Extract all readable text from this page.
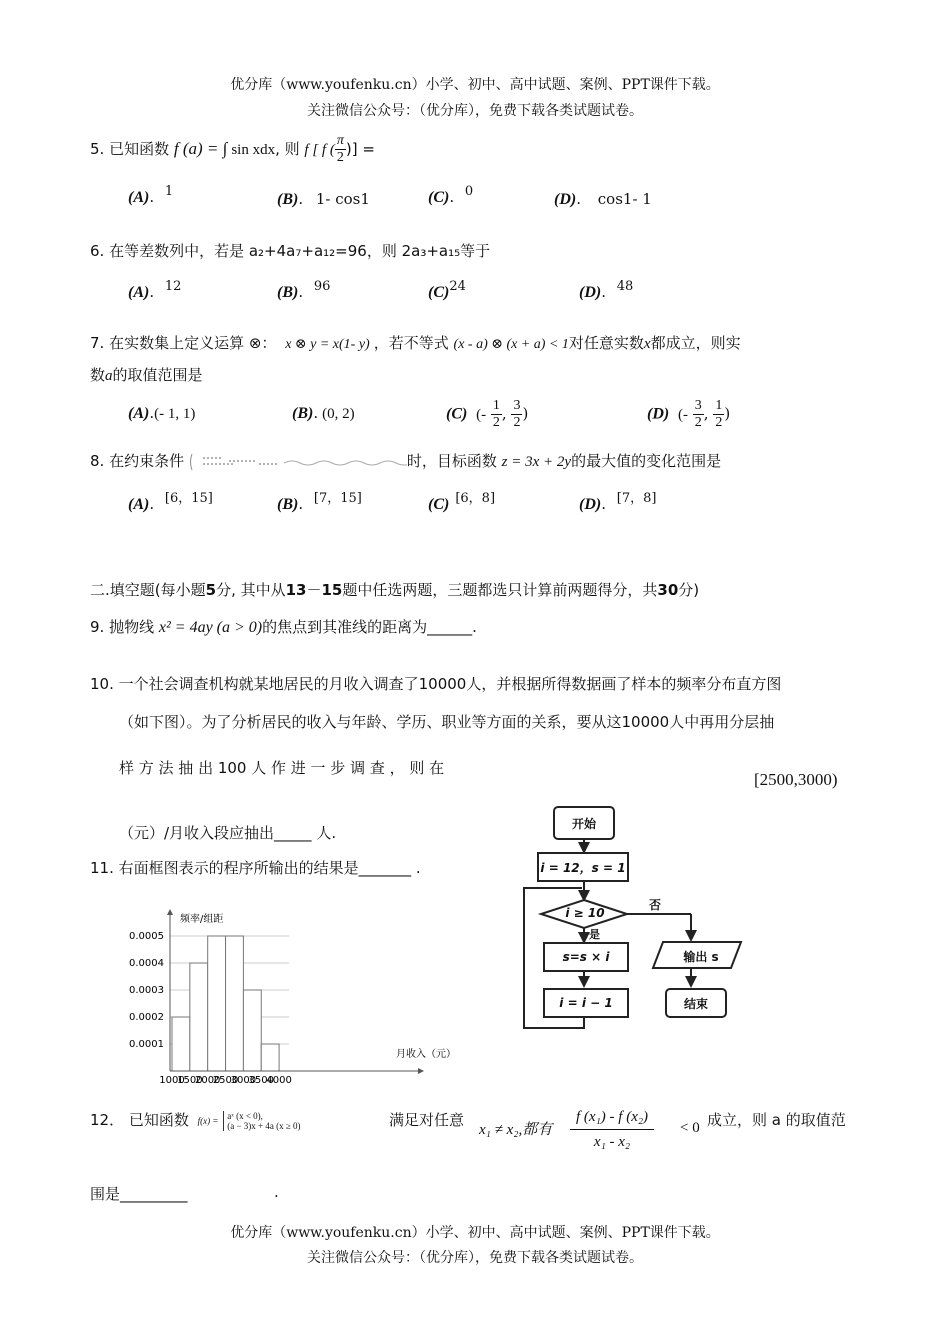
优分库（www.youfenku.cn）小学、初中、高中试题、案例、PPT课件下载。
关注微信公众号：（优分库），免费下载各类试题试卷。
5. 已知函数 f (a) = ∫ sin xdx, 则 f [ f ( $\frac{\pi}{2}$ )] =
(A). 1	(B). 1- cos1	(C). 0	(D). cos1- 1
6. 在等差数列中，若是 a₂+4a₇+a₁₂=96，则 2a₃+a₁₅等于
(A). 12	(B). 96	(C)24	(D). 48
7. 在实数集上定义运算 ⊗： x ⊗ y = x(1- y) ，若不等式 (x - a) ⊗ (x + a) < 1对任意实数x都成立，则实
数a的取值范围是
(A).(- 1, 1)	(B). (0, 2)	(C) (- $\frac{1}{2}$ , $\frac{3}{2}$ )	(D) (- $\frac{3}{2}$ , $\frac{1}{2}$ )
8. 在约束条件	时，目标函数 z = 3x + 2y的最大值的变化范围是
(A). [6，15]	(B). [7，15]	(C) [6，8]	(D). [7，8]
二.填空题(每小题5分, 其中从13－15题中任选两题，三题都选只计算前两题得分，共30分)
9. 抛物线 x² = 4ay (a > 0)的焦点到其准线的距离为______.
10. 一个社会调查机构就某地居民的月收入调查了10000人，并根据所得数据画了样本的频率分布直方图
（如下图）。为了分析居民的收入与年龄、学历、职业等方面的关系，要从这10000人中再用分层抽
样 方 法 抽 出 100 人 作 进 一 步 调 查 ， 则 在
[2500,3000)
（元）/月收入段应抽出_____ 人.
11. 右面框图表示的程序所输出的结果是_______ .
开始
i = 12，s = 1
i ≥ 10
否
是
s=s × i
i = i − 1
输出 s
结束
0.0001
0.0002
0.0003
0.0004
0.0005
1000
1500
2000
2500
3000
3500
4000
频率/组距
月收入（元）
12． 已知函数 f(x) = aˣ (x < 0),
(a − 3)x + 4a (x ≥ 0)	满足对任意
x₁ ≠ x₂,都有 $\frac{\text{f (x₁) - f (x₂)}}{\text{x₁ - x₂}} < 0$ 成立，则 a 的取值范
围是_________	.
优分库（www.youfenku.cn）小学、初中、高中试题、案例、PPT课件下载。
关注微信公众号：（优分库），免费下载各类试题试卷。
